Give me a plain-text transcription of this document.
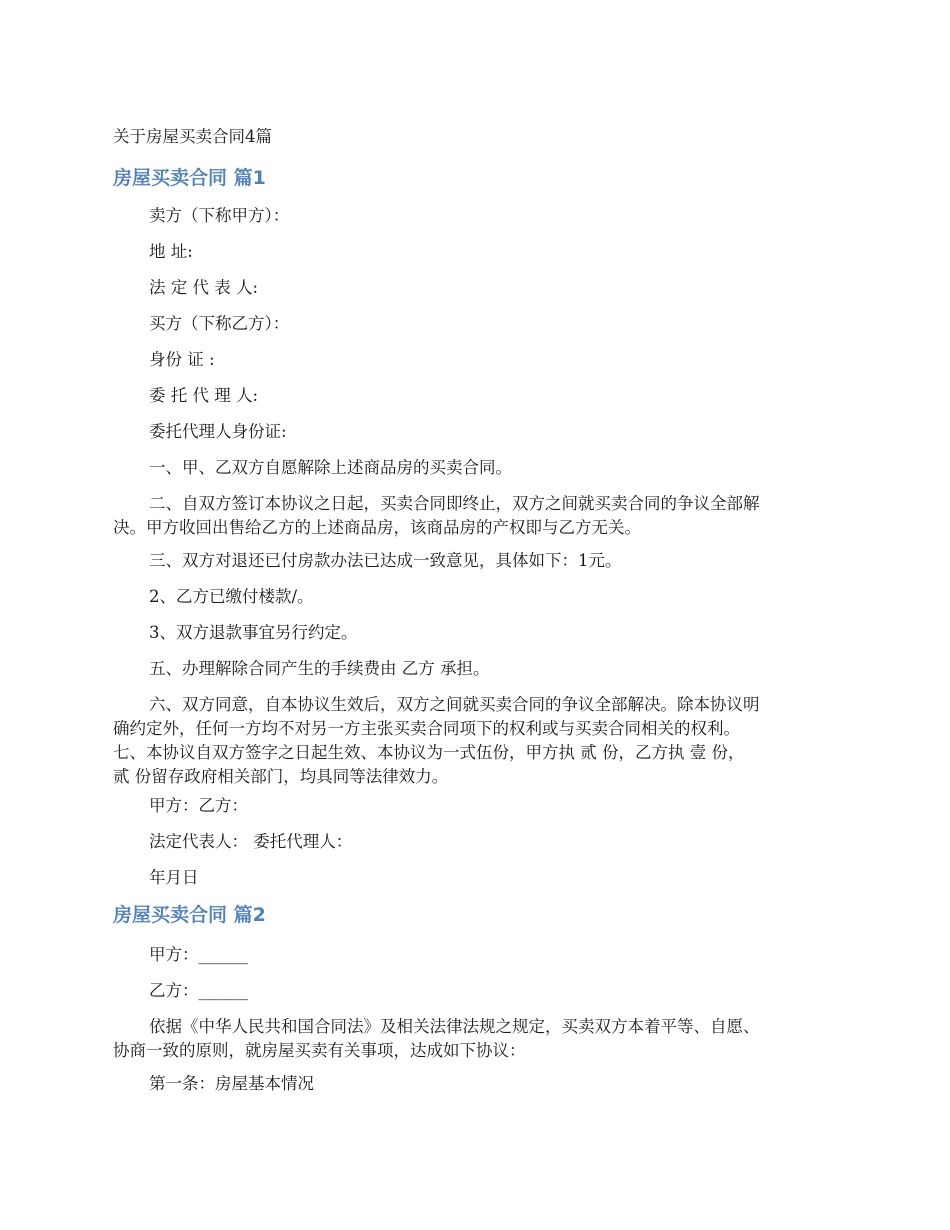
关于房屋买卖合同4篇
房屋买卖合同 篇1
卖方（下称甲方）：
地 址:
法 定 代 表 人:
买方（下称乙方）：
身份 证 :
委 托 代 理 人:
委托代理人身份证:
一、甲、乙双方自愿解除上述商品房的买卖合同。
二、自双方签订本协议之日起，买卖合同即终止，双方之间就买卖合同的争议全部解
决。甲方收回出售给乙方的上述商品房，该商品房的产权即与乙方无关。
三、双方对退还已付房款办法已达成一致意见，具体如下：1元。
2、乙方已缴付楼款/。
3、双方退款事宜另行约定。
五、办理解除合同产生的手续费由 乙方 承担。
六、双方同意，自本协议生效后，双方之间就买卖合同的争议全部解决。除本协议明
确约定外，任何一方均不对另一方主张买卖合同项下的权利或与买卖合同相关的权利。
七、本协议自双方签字之日起生效、本协议为一式伍份，甲方执 贰 份，乙方执 壹 份，
贰 份留存政府相关部门，均具同等法律效力。
甲方：乙方：
法定代表人： 委托代理人：
年月日
房屋买卖合同 篇2
甲方：______
乙方：______
依据《中华人民共和国合同法》及相关法律法规之规定，买卖双方本着平等、自愿、
协商一致的原则，就房屋买卖有关事项，达成如下协议：
第一条：房屋基本情况
